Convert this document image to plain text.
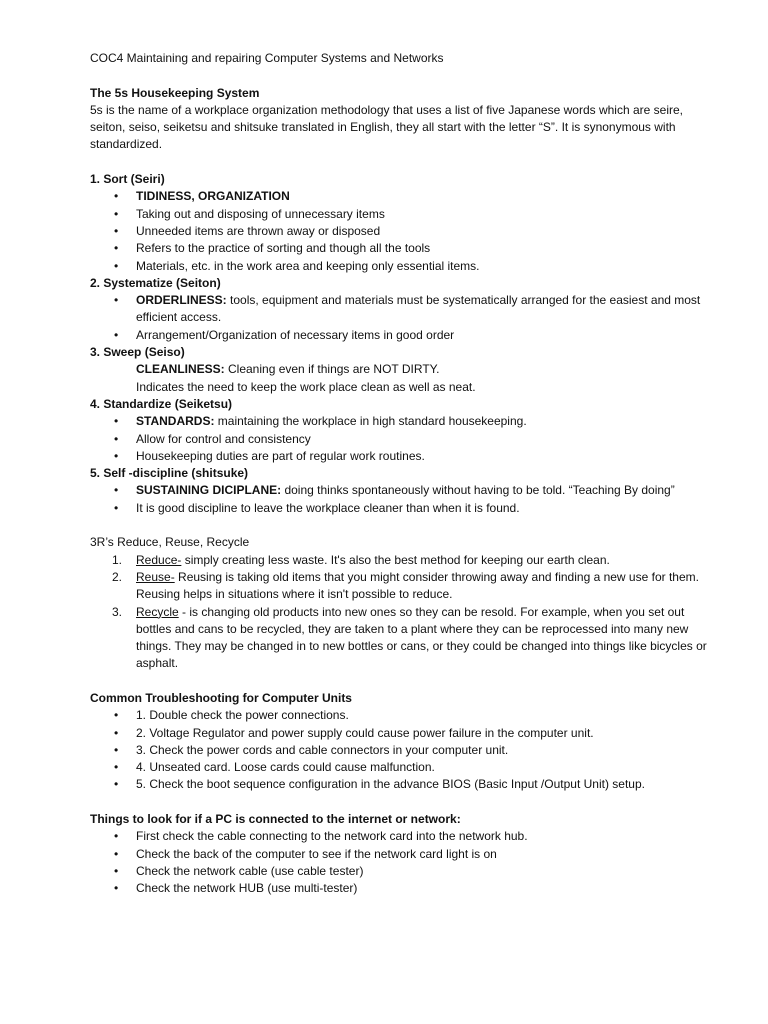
COC4 Maintaining and repairing Computer Systems and Networks
The 5s Housekeeping System
5s is the name of a workplace organization methodology that uses a list of five Japanese words which are seire, seiton, seiso, seiketsu and shitsuke translated in English, they all start with the letter “S”. It is synonymous with standardized.
1. Sort (Seiri)
• TIDINESS, ORGANIZATION
• Taking out and disposing of unnecessary items
• Unneeded items are thrown away or disposed
• Refers to the practice of sorting and though all the tools
• Materials, etc. in the work area and keeping only essential items.
2. Systematize (Seiton)
• ORDERLINESS: tools, equipment and materials must be systematically arranged for the easiest and most efficient access.
• Arrangement/Organization of necessary items in good order
3. Sweep (Seiso)
CLEANLINESS: Cleaning even if things are NOT DIRTY.
Indicates the need to keep the work place clean as well as neat.
4. Standardize (Seiketsu)
• STANDARDS: maintaining the workplace in high standard housekeeping.
• Allow for control and consistency
• Housekeeping duties are part of regular work routines.
5. Self -discipline (shitsuke)
• SUSTAINING DICIPLANE: doing thinks spontaneously without having to be told. “Teaching By doing”
• It is good discipline to leave the workplace cleaner than when it is found.
3R’s Reduce, Reuse, Recycle
1. Reduce- simply creating less waste. It's also the best method for keeping our earth clean.
2. Reuse- Reusing is taking old items that you might consider throwing away and finding a new use for them. Reusing helps in situations where it isn't possible to reduce.
3. Recycle - is changing old products into new ones so they can be resold. For example, when you set out bottles and cans to be recycled, they are taken to a plant where they can be reprocessed into many new things. They may be changed in to new bottles or cans, or they could be changed into things like bicycles or asphalt.
Common Troubleshooting for Computer Units
• 1. Double check the power connections.
• 2. Voltage Regulator and power supply could cause power failure in the computer unit.
• 3. Check the power cords and cable connectors in your computer unit.
• 4. Unseated card. Loose cards could cause malfunction.
• 5. Check the boot sequence configuration in the advance BIOS (Basic Input /Output Unit) setup.
Things to look for if a PC is connected to the internet or network:
• First check the cable connecting to the network card into the network hub.
• Check the back of the computer to see if the network card light is on
• Check the network cable (use cable tester)
• Check the network HUB (use multi-tester)
